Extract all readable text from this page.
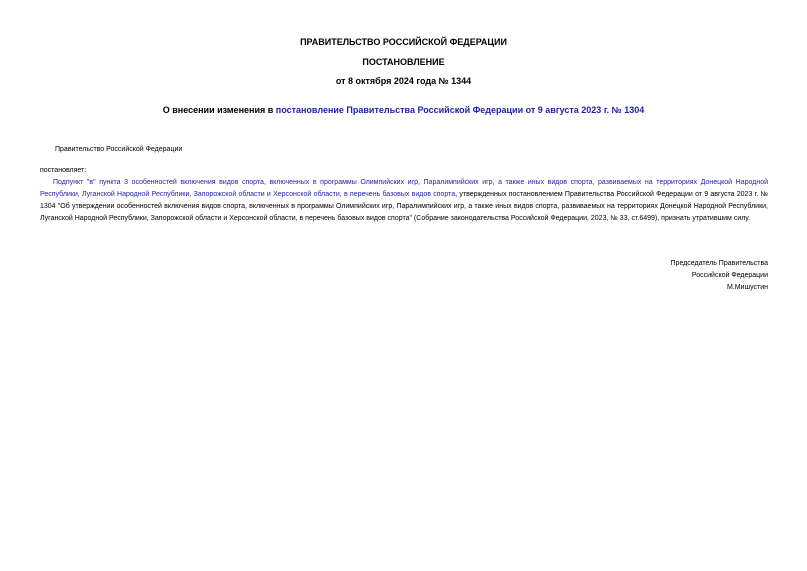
ПРАВИТЕЛЬСТВО РОССИЙСКОЙ ФЕДЕРАЦИИ
ПОСТАНОВЛЕНИЕ
от 8 октября 2024 года № 1344
О внесении изменения в постановление Правительства Российской Федерации от 9 августа 2023 г. № 1304
Правительство Российской Федерации
постановляет:
Подпункт "в" пункта 3 особенностей включения видов спорта, включенных в программы Олимпийских игр, Паралимпийских игр, а также иных видов спорта, развиваемых на территориях Донецкой Народной Республики, Луганской Народной Республики, Запорожской области и Херсонской области, в перечень базовых видов спорта, утвержденных постановлением Правительства Российской Федерации от 9 августа 2023 г. № 1304 "Об утверждении особенностей включения видов спорта, включенных в программы Олимпийских игр, Паралимпийских игр, а также иных видов спорта, развиваемых на территориях Донецкой Народной Республики, Луганской Народной Республики, Запорожской области и Херсонской области, в перечень базовых видов спорта" (Собрание законодательства Российской Федерации, 2023, № 33, ст.6499), признать утратившим силу.
Председатель Правительства
Российской Федерации
М.Мишустин
